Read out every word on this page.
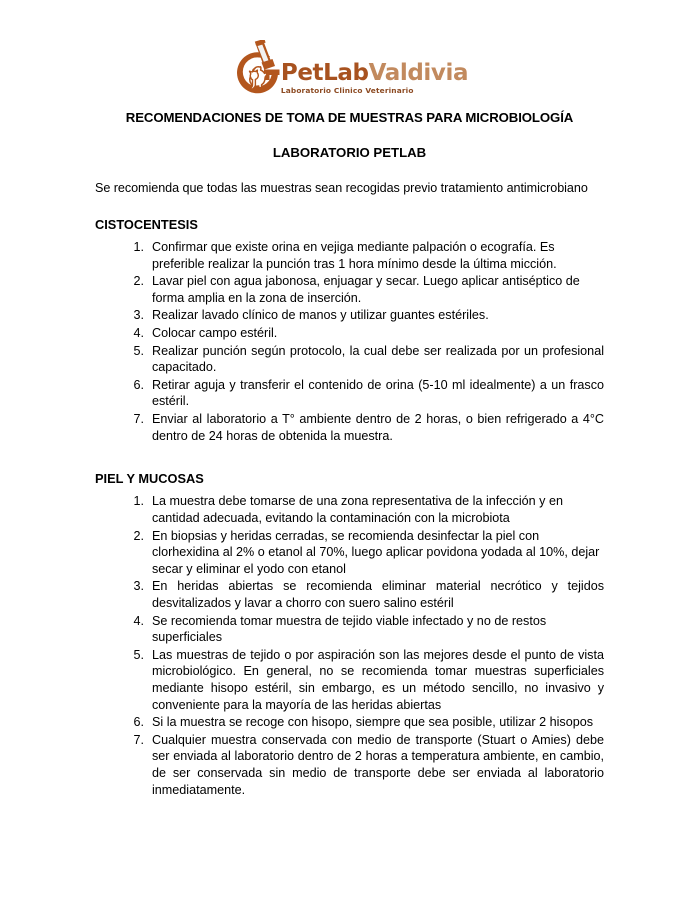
PetLabValdivia
Laboratorio Clinico Veterinario
RECOMENDACIONES DE TOMA DE MUESTRAS PARA MICROBIOLOGÍA
LABORATORIO PETLAB
Se recomienda que todas las muestras sean recogidas previo tratamiento antimicrobiano
CISTOCENTESIS
Confirmar que existe orina en vejiga mediante palpación o ecografía. Es preferible realizar la punción tras 1 hora mínimo desde la última micción.
Lavar piel con agua jabonosa, enjuagar y secar. Luego aplicar antiséptico de forma amplia en la zona de inserción.
Realizar lavado clínico de manos y utilizar guantes estériles.
Colocar campo estéril.
Realizar punción según protocolo, la cual debe ser realizada por un profesional capacitado.
Retirar aguja y transferir el contenido de orina (5-10 ml idealmente) a un frasco estéril.
Enviar al laboratorio a T° ambiente dentro de 2 horas, o bien refrigerado a 4°C dentro de 24 horas de obtenida la muestra.
PIEL Y MUCOSAS
La muestra debe tomarse de una zona representativa de la infección y en cantidad adecuada, evitando la contaminación con la microbiota
En biopsias y heridas cerradas, se recomienda desinfectar la piel con clorhexidina al 2% o etanol al 70%, luego aplicar povidona yodada al 10%, dejar secar y eliminar el yodo con etanol
En heridas abiertas se recomienda eliminar material necrótico y tejidos desvitalizados y lavar a chorro con suero salino estéril
Se recomienda tomar muestra de tejido viable infectado y no de restos superficiales
Las muestras de tejido o por aspiración son las mejores desde el punto de vista microbiológico. En general, no se recomienda tomar muestras superficiales mediante hisopo estéril, sin embargo, es un método sencillo, no invasivo y conveniente para la mayoría de las heridas abiertas
Si la muestra se recoge con hisopo, siempre que sea posible, utilizar 2 hisopos
Cualquier muestra conservada con medio de transporte (Stuart o Amies) debe ser enviada al laboratorio dentro de 2 horas a temperatura ambiente, en cambio, de ser conservada sin medio de transporte debe ser enviada al laboratorio inmediatamente.
